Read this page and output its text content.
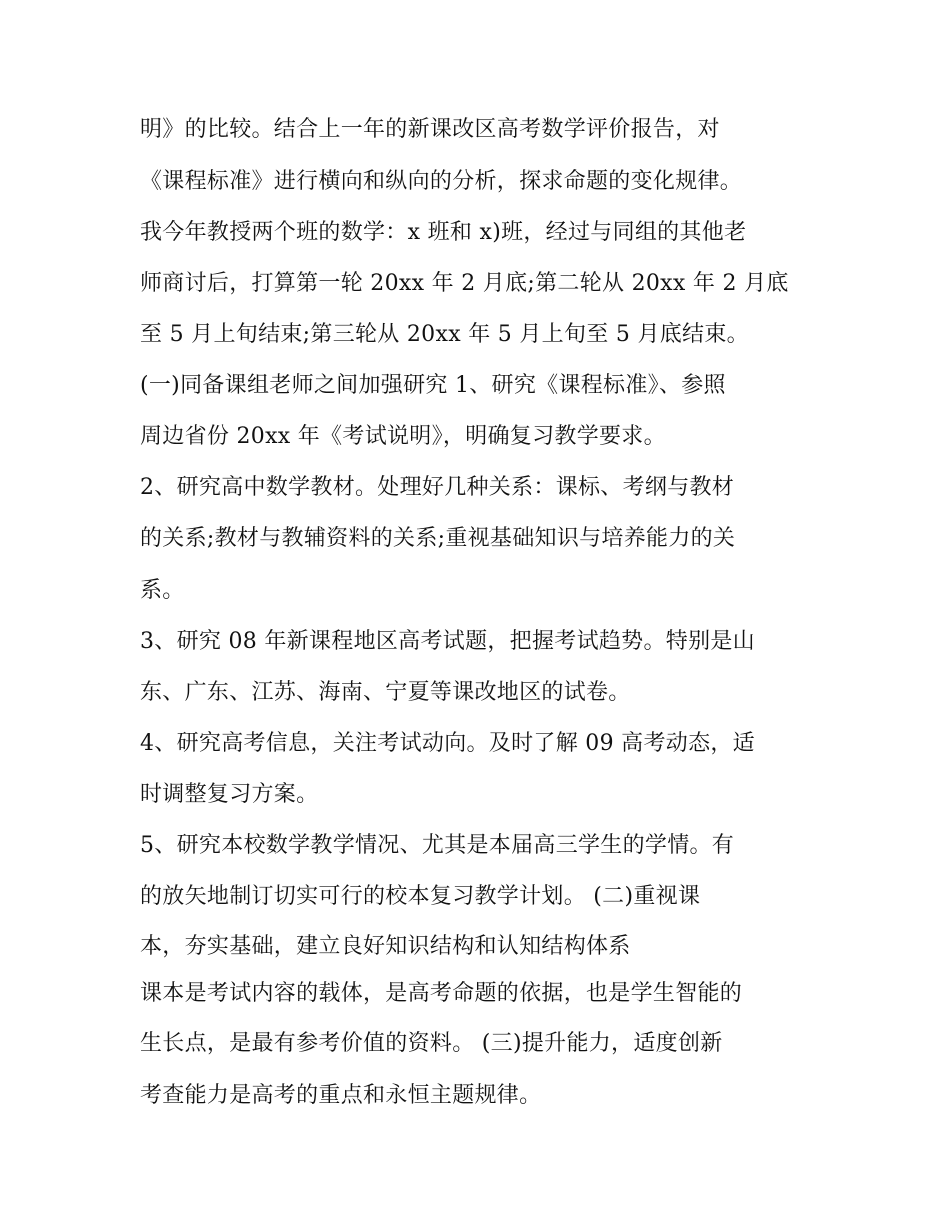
明》的比较。结合上一年的新课改区高考数学评价报告，对
《课程标准》进行横向和纵向的分析，探求命题的变化规律。
我今年教授两个班的数学：x 班和 x)班，经过与同组的其他老
师商讨后，打算第一轮 20xx 年 2 月底;第二轮从 20xx 年 2 月底
至 5 月上旬结束;第三轮从 20xx 年 5 月上旬至 5 月底结束。
(一)同备课组老师之间加强研究 1、研究《课程标准》、参照
周边省份 20xx 年《考试说明》，明确复习教学要求。
2、研究高中数学教材。处理好几种关系：课标、考纲与教材
的关系;教材与教辅资料的关系;重视基础知识与培养能力的关
系。
3、研究 08 年新课程地区高考试题，把握考试趋势。特别是山
东、广东、江苏、海南、宁夏等课改地区的试卷。
4、研究高考信息，关注考试动向。及时了解 09 高考动态，适
时调整复习方案。
5、研究本校数学教学情况、尤其是本届高三学生的学情。有
的放矢地制订切实可行的校本复习教学计划。 (二)重视课
本，夯实基础，建立良好知识结构和认知结构体系
课本是考试内容的载体，是高考命题的依据，也是学生智能的
生长点，是最有参考价值的资料。 (三)提升能力，适度创新
考查能力是高考的重点和永恒主题规律。
